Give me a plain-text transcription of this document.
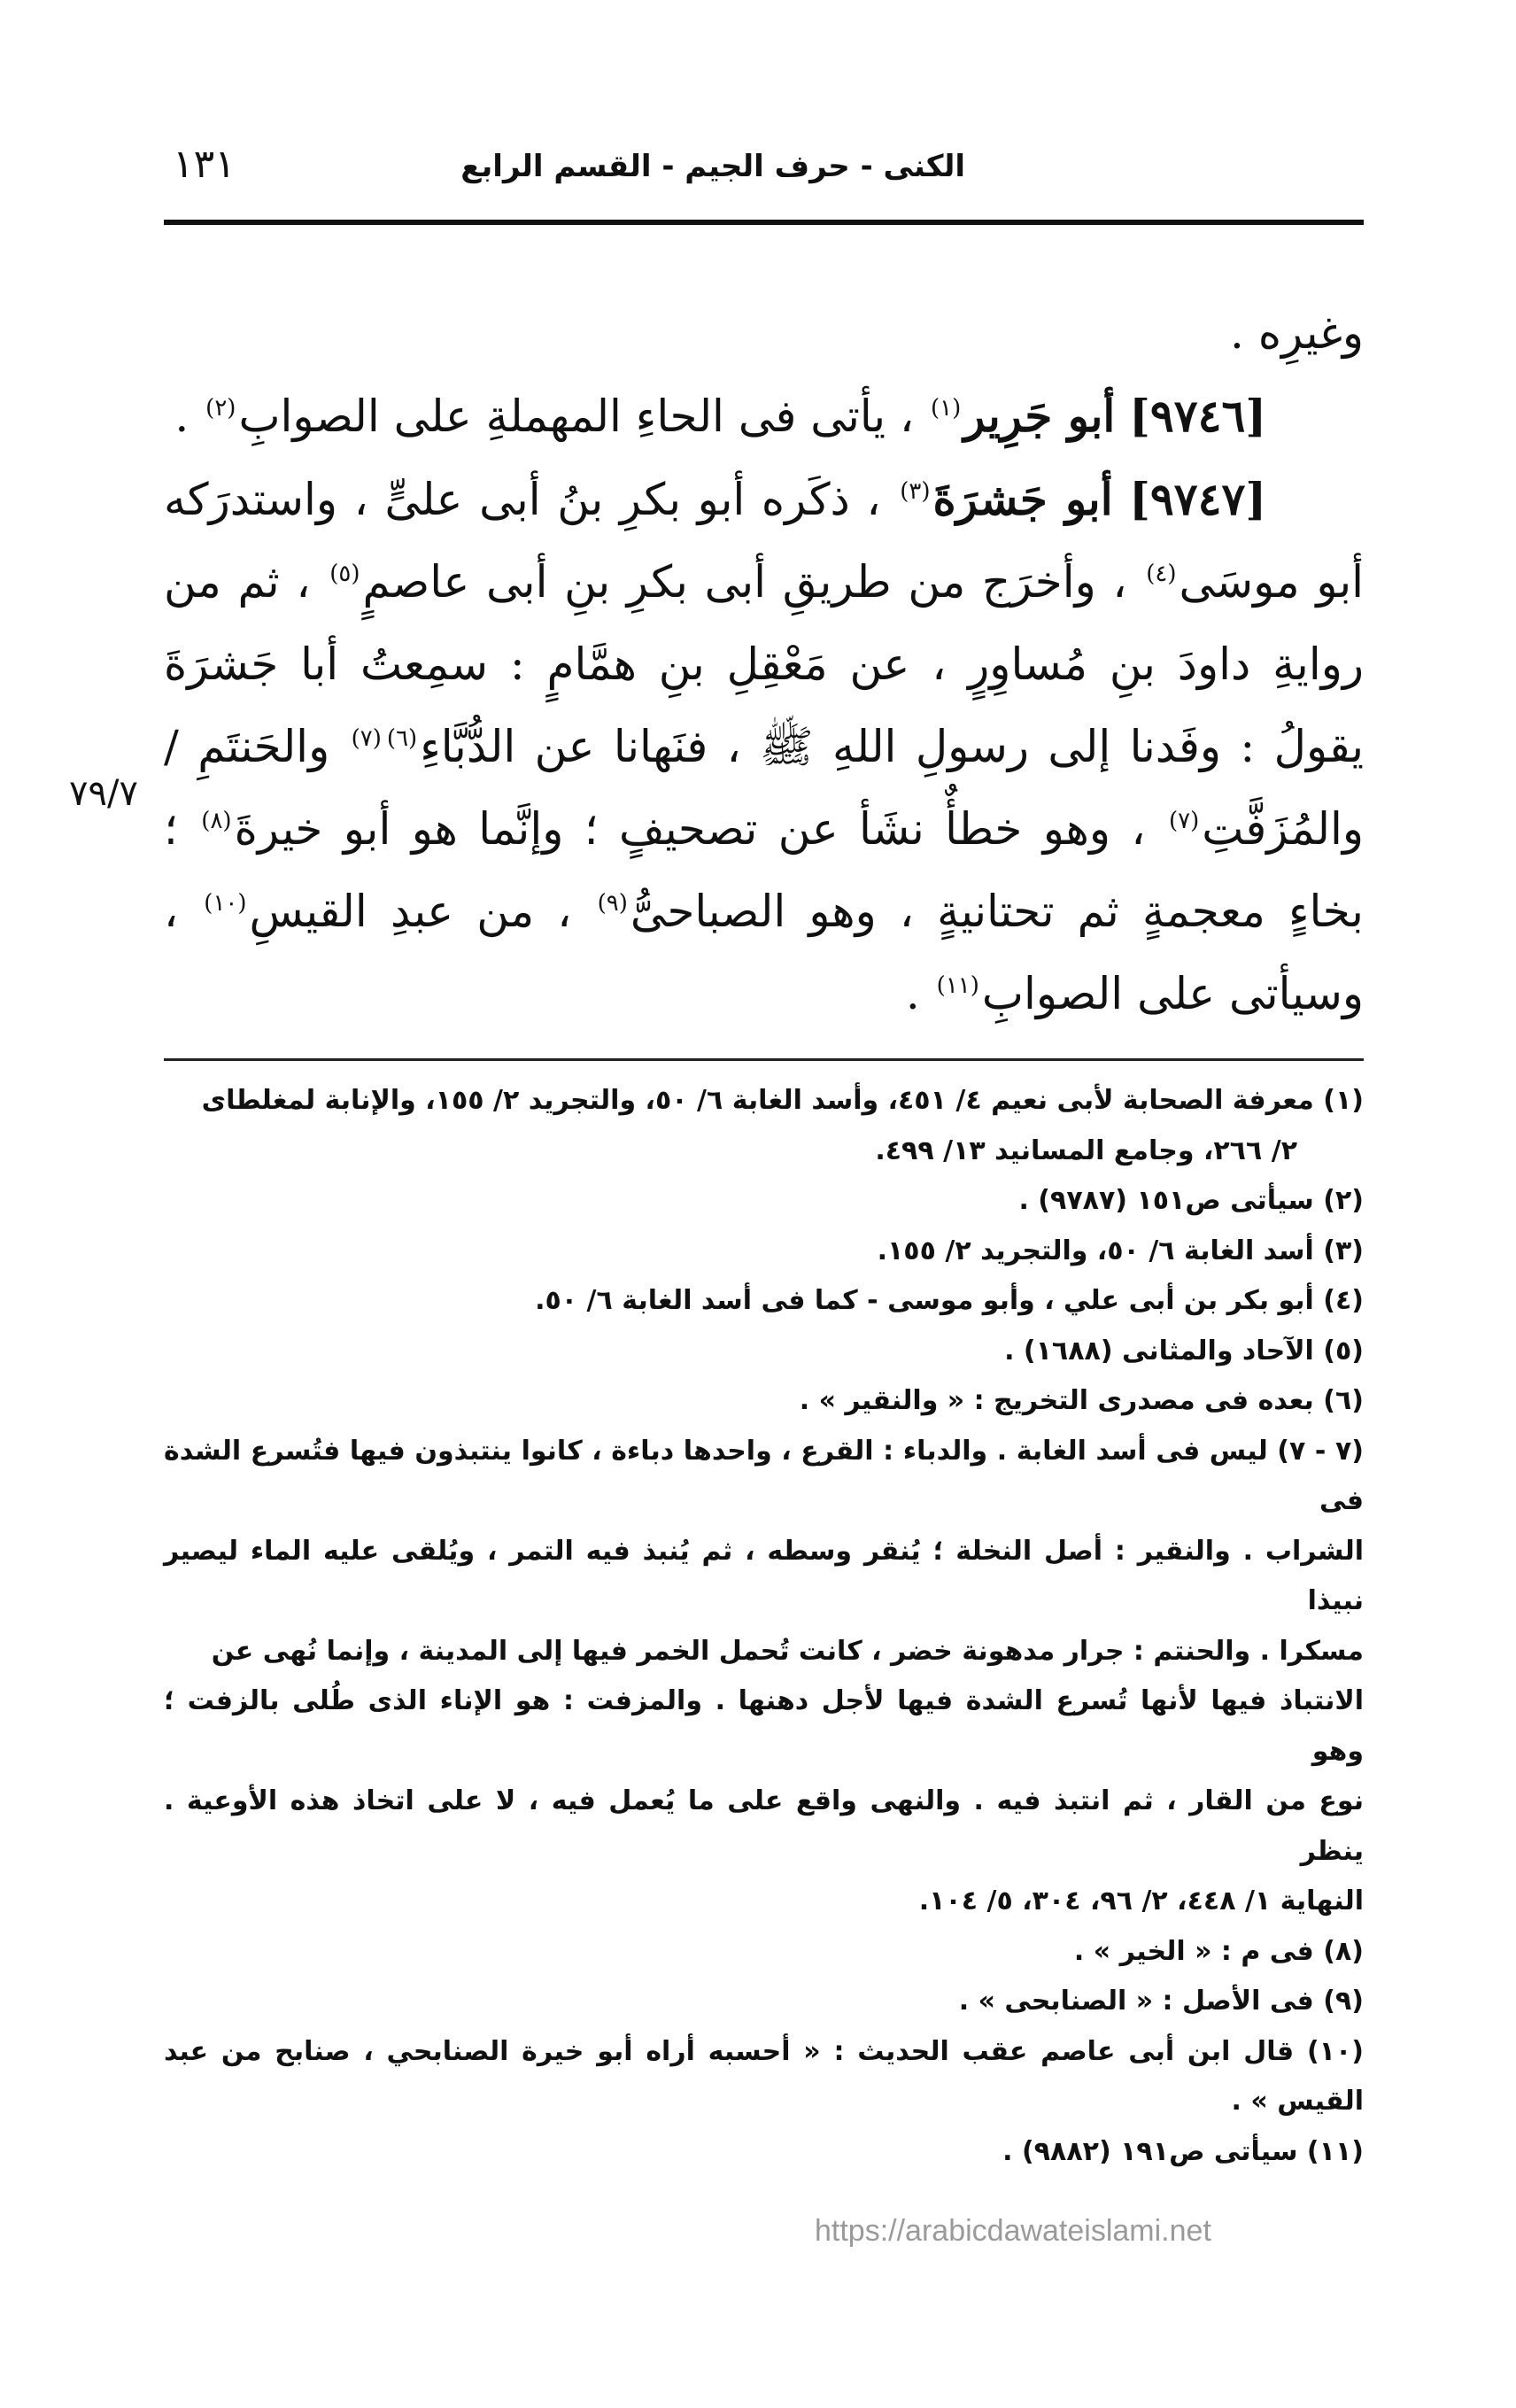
١٣١	الكنى - حرف الجيم - القسم الرابع

وغيرِه .

[٩٧٤٦] أبو جَرِير$^{(١)}$ ، يأتى فى الحاءِ المهملةِ على الصوابِ$^{(٢)}$ .

[٩٧٤٧] أبو جَشرَةَ$^{(٣)}$ ، ذكَره أبو بكرِ بنُ أبى علىٍّ ، واستدرَكه أبو موسَى$^{(٤)}$ ، وأخرَج من طريقِ أبى بكرِ بنِ أبى عاصمٍ$^{(٥)}$ ، ثم من روايةِ داودَ بنِ مُساوِرٍ ، عن مَعْقِلِ بنِ همَّامٍ : سمِعتُ أبا جَشرَةَ يقولُ : وفَدنا إلى رسولِ اللهِ ﷺ ، فنَهانا عن الدُّبَّاءِ$^{(٦)(٧)}$ والحَنتَمِ / والمُزَفَّتِ$^{(٧)}$ ، وهو خطأٌ نشَأ عن تصحيفٍ ؛ وإنَّما هو أبو خيرةَ$^{(٨)}$ ؛ بخاءٍ معجمةٍ ثم تحتانيةٍ ، وهو الصباحىُّ$^{(٩)}$ ، من عبدِ القيسِ$^{(١٠)}$ ، وسيأتى على الصوابِ$^{(١١)}$ .

٧٩/٧

(١) معرفة الصحابة لأبى نعيم ٤/ ٤٥١، وأسد الغابة ٦/ ٥٠، والتجريد ٢/ ١٥٥، والإنابة لمغلطاى

٢/ ٢٦٦، وجامع المسانيد ١٣/ ٤٩٩.

(٢) سيأتى ص١٥١ (٩٧٨٧) .

(٣) أسد الغابة ٦/ ٥٠، والتجريد ٢/ ١٥٥.

(٤) أبو بكر بن أبى علي ، وأبو موسى - كما فى أسد الغابة ٦/ ٥٠.

(٥) الآحاد والمثانى (١٦٨٨) .

(٦) بعده فى مصدرى التخريج : « والنقير » .

(٧ - ٧) ليس فى أسد الغابة . والدباء : القرع ، واحدها دباءة ، كانوا ينتبذون فيها فتُسرع الشدة فى

الشراب . والنقير : أصل النخلة ؛ يُنقر وسطه ، ثم يُنبذ فيه التمر ، ويُلقى عليه الماء ليصير نبيذا

مسكرا . والحنتم : جرار مدهونة خضر ، كانت تُحمل الخمر فيها إلى المدينة ، وإنما نُهى عن

الانتباذ فيها لأنها تُسرع الشدة فيها لأجل دهنها . والمزفت : هو الإناء الذى طُلى بالزفت ؛ وهو

نوع من القار ، ثم انتبذ فيه . والنهى واقع على ما يُعمل فيه ، لا على اتخاذ هذه الأوعية . ينظر

النهاية ١/ ٤٤٨، ٢/ ٩٦، ٣٠٤، ٥/ ١٠٤.

(٨) فى م : « الخير » .

(٩) فى الأصل : « الصنابحى » .

(١٠) قال ابن أبى عاصم عقب الحديث : « أحسبه أراه أبو خيرة الصنابحي ، صنابح من عبد القيس » .

(١١) سيأتى ص١٩١ (٩٨٨٢) .

https://arabicdawateislami.net
